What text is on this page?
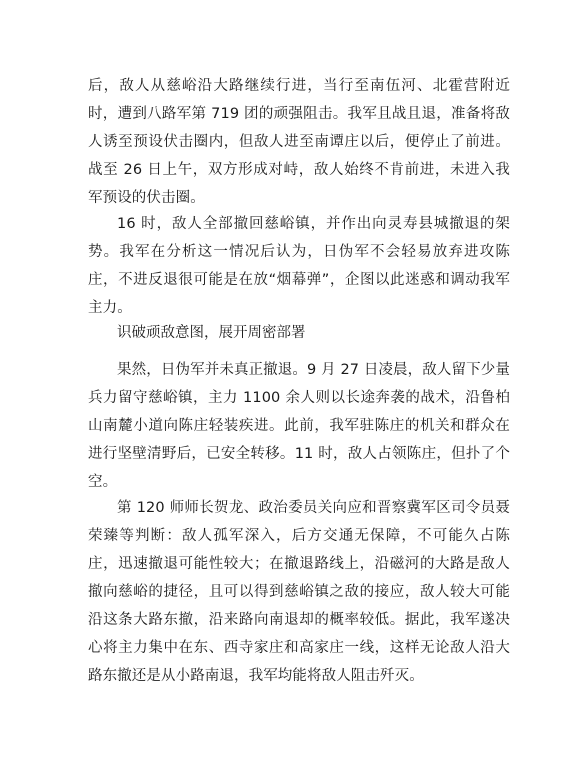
后，敌人从慈峪沿大路继续行进，当行至南伍河、北霍营附近时，遭到八路军第 719 团的顽强阻击。我军且战且退，准备将敌人诱至预设伏击圈内，但敌人进至南谭庄以后，便停止了前进。战至 26 日上午，双方形成对峙，敌人始终不肯前进，未进入我军预设的伏击圈。

16 时，敌人全部撤回慈峪镇，并作出向灵寿县城撤退的架势。我军在分析这一情况后认为，日伪军不会轻易放弃进攻陈庄，不进反退很可能是在放“烟幕弹”，企图以此迷惑和调动我军主力。

识破顽敌意图，展开周密部署

果然，日伪军并未真正撤退。9 月 27 日凌晨，敌人留下少量兵力留守慈峪镇，主力 1100 余人则以长途奔袭的战术，沿鲁柏山南麓小道向陈庄轻装疾进。此前，我军驻陈庄的机关和群众在进行坚壁清野后，已安全转移。11 时，敌人占领陈庄，但扑了个空。

第 120 师师长贺龙、政治委员关向应和晋察冀军区司令员聂荣臻等判断：敌人孤军深入，后方交通无保障，不可能久占陈庄，迅速撤退可能性较大；在撤退路线上，沿磁河的大路是敌人撤向慈峪的捷径，且可以得到慈峪镇之敌的接应，敌人较大可能沿这条大路东撤，沿来路向南退却的概率较低。据此，我军遂决心将主力集中在东、西寺家庄和高家庄一线，这样无论敌人沿大路东撤还是从小路南退，我军均能将敌人阻击歼灭。
